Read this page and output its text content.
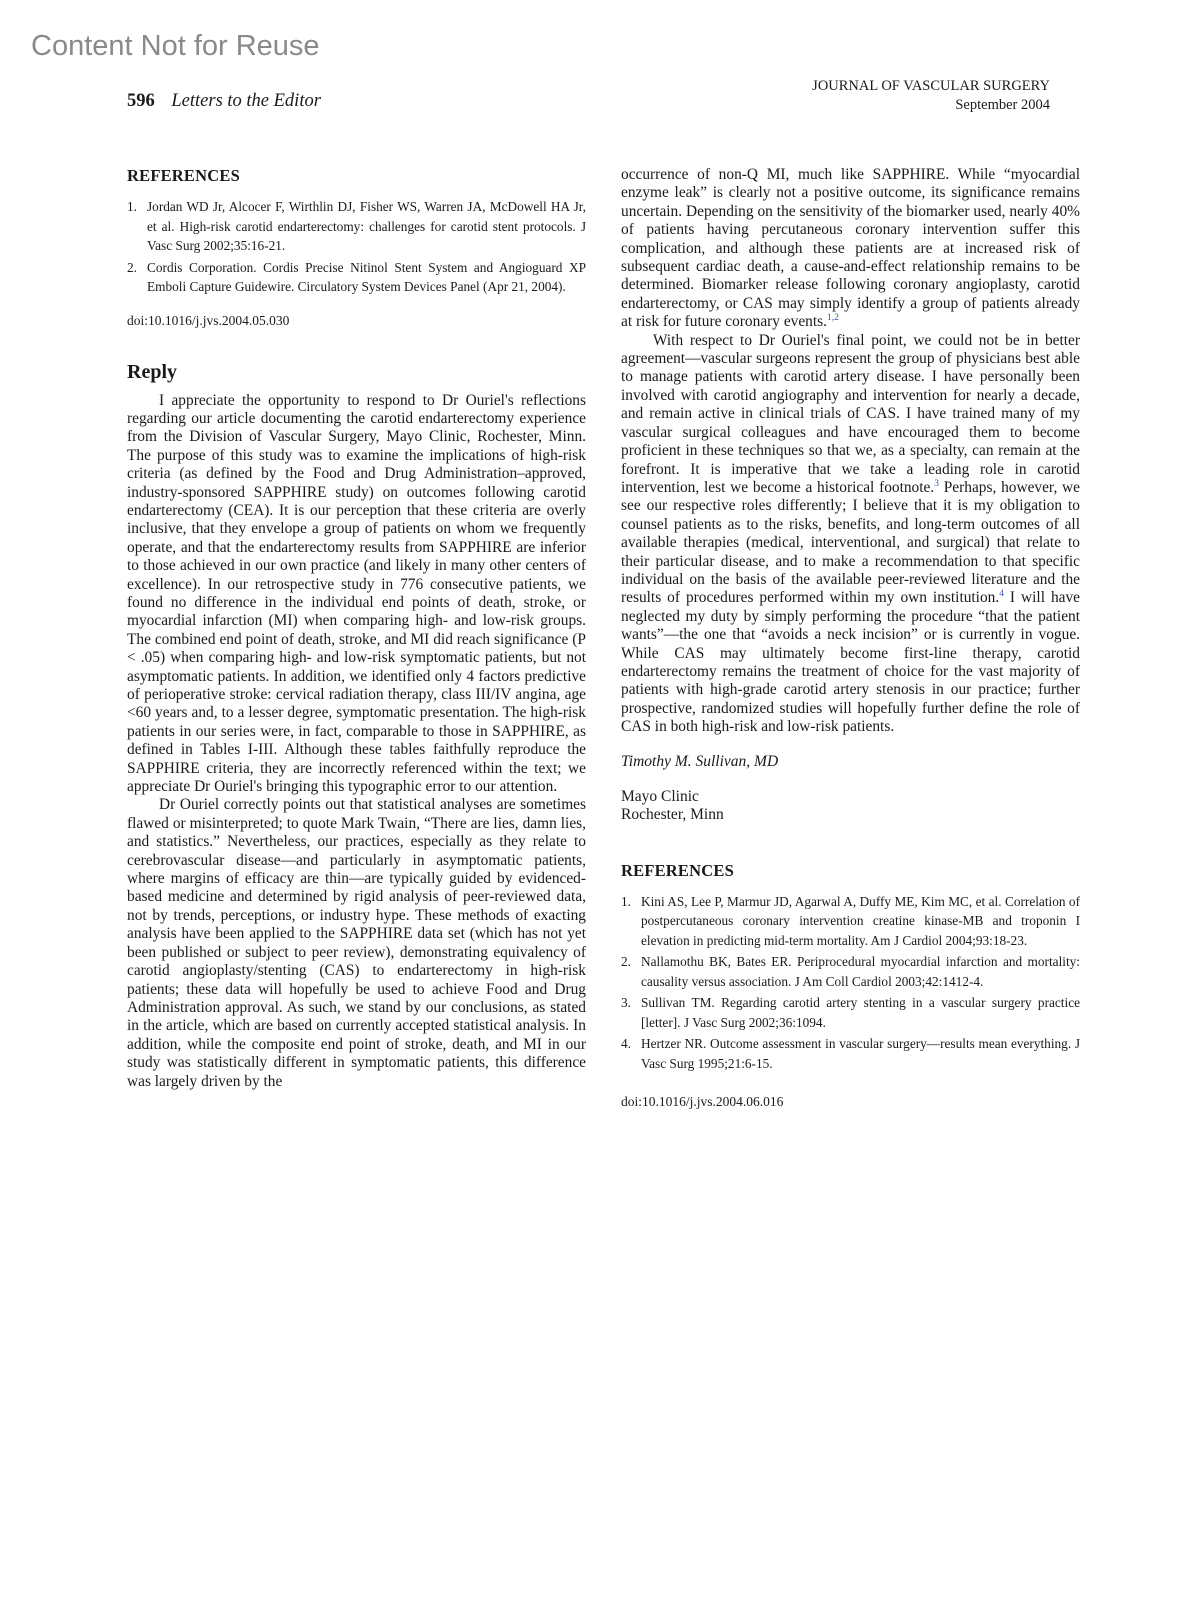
Content Not for Reuse
596 Letters to the Editor
JOURNAL OF VASCULAR SURGERY
September 2004
REFERENCES
1. Jordan WD Jr, Alcocer F, Wirthlin DJ, Fisher WS, Warren JA, McDowell HA Jr, et al. High-risk carotid endarterectomy: challenges for carotid stent protocols. J Vasc Surg 2002;35:16-21.
2. Cordis Corporation. Cordis Precise Nitinol Stent System and Angioguard XP Emboli Capture Guidewire. Circulatory System Devices Panel (Apr 21, 2004).
doi:10.1016/j.jvs.2004.05.030
Reply

I appreciate the opportunity to respond to Dr Ouriel's reflections regarding our article documenting the carotid endarterectomy experience from the Division of Vascular Surgery, Mayo Clinic, Rochester, Minn. The purpose of this study was to examine the implications of high-risk criteria (as defined by the Food and Drug Administration–approved, industry-sponsored SAPPHIRE study) on outcomes following carotid endarterectomy (CEA). It is our perception that these criteria are overly inclusive, that they envelope a group of patients on whom we frequently operate, and that the endarterectomy results from SAPPHIRE are inferior to those achieved in our own practice (and likely in many other centers of excellence). In our retrospective study in 776 consecutive patients, we found no difference in the individual end points of death, stroke, or myocardial infarction (MI) when comparing high- and low-risk groups. The combined end point of death, stroke, and MI did reach significance (P < .05) when comparing high- and low-risk symptomatic patients, but not asymptomatic patients. In addition, we identified only 4 factors predictive of perioperative stroke: cervical radiation therapy, class III/IV angina, age <60 years and, to a lesser degree, symptomatic presentation. The high-risk patients in our series were, in fact, comparable to those in SAPPHIRE, as defined in Tables I-III. Although these tables faithfully reproduce the SAPPHIRE criteria, they are incorrectly referenced within the text; we appreciate Dr Ouriel's bringing this typographic error to our attention.

Dr Ouriel correctly points out that statistical analyses are sometimes flawed or misinterpreted; to quote Mark Twain, “There are lies, damn lies, and statistics.” Nevertheless, our practices, especially as they relate to cerebrovascular disease—and particularly in asymptomatic patients, where margins of efficacy are thin—are typically guided by evidenced-based medicine and determined by rigid analysis of peer-reviewed data, not by trends, perceptions, or industry hype. These methods of exacting analysis have been applied to the SAPPHIRE data set (which has not yet been published or subject to peer review), demonstrating equivalency of carotid angioplasty/stenting (CAS) to endarterectomy in high-risk patients; these data will hopefully be used to achieve Food and Drug Administration approval. As such, we stand by our conclusions, as stated in the article, which are based on currently accepted statistical analysis. In addition, while the composite end point of stroke, death, and MI in our study was statistically different in symptomatic patients, this difference was largely driven by the

occurrence of non-Q MI, much like SAPPHIRE. While “myocardial enzyme leak” is clearly not a positive outcome, its significance remains uncertain. Depending on the sensitivity of the biomarker used, nearly 40% of patients having percutaneous coronary intervention suffer this complication, and although these patients are at increased risk of subsequent cardiac death, a cause-and-effect relationship remains to be determined. Biomarker release following coronary angioplasty, carotid endarterectomy, or CAS may simply identify a group of patients already at risk for future coronary events.$^{1,2}$

With respect to Dr Ouriel's final point, we could not be in better agreement—vascular surgeons represent the group of physicians best able to manage patients with carotid artery disease. I have personally been involved with carotid angiography and intervention for nearly a decade, and remain active in clinical trials of CAS. I have trained many of my vascular surgical colleagues and have encouraged them to become proficient in these techniques so that we, as a specialty, can remain at the forefront. It is imperative that we take a leading role in carotid intervention, lest we become a historical footnote.$^3$ Perhaps, however, we see our respective roles differently; I believe that it is my obligation to counsel patients as to the risks, benefits, and long-term outcomes of all available therapies (medical, interventional, and surgical) that relate to their particular disease, and to make a recommendation to that specific individual on the basis of the available peer-reviewed literature and the results of procedures performed within my own institution.$^4$ I will have neglected my duty by simply performing the procedure “that the patient wants”—the one that “avoids a neck incision” or is currently in vogue. While CAS may ultimately become first-line therapy, carotid endarterectomy remains the treatment of choice for the vast majority of patients with high-grade carotid artery stenosis in our practice; further prospective, randomized studies will hopefully further define the role of CAS in both high-risk and low-risk patients.

Timothy M. Sullivan, MD
Mayo Clinic
Rochester, Minn
REFERENCES
1. Kini AS, Lee P, Marmur JD, Agarwal A, Duffy ME, Kim MC, et al. Correlation of postpercutaneous coronary intervention creatine kinase-MB and troponin I elevation in predicting mid-term mortality. Am J Cardiol 2004;93:18-23.
2. Nallamothu BK, Bates ER. Periprocedural myocardial infarction and mortality: causality versus association. J Am Coll Cardiol 2003;42:1412-4.
3. Sullivan TM. Regarding carotid artery stenting in a vascular surgery practice [letter]. J Vasc Surg 2002;36:1094.
4. Hertzer NR. Outcome assessment in vascular surgery—results mean everything. J Vasc Surg 1995;21:6-15.
doi:10.1016/j.jvs.2004.06.016
